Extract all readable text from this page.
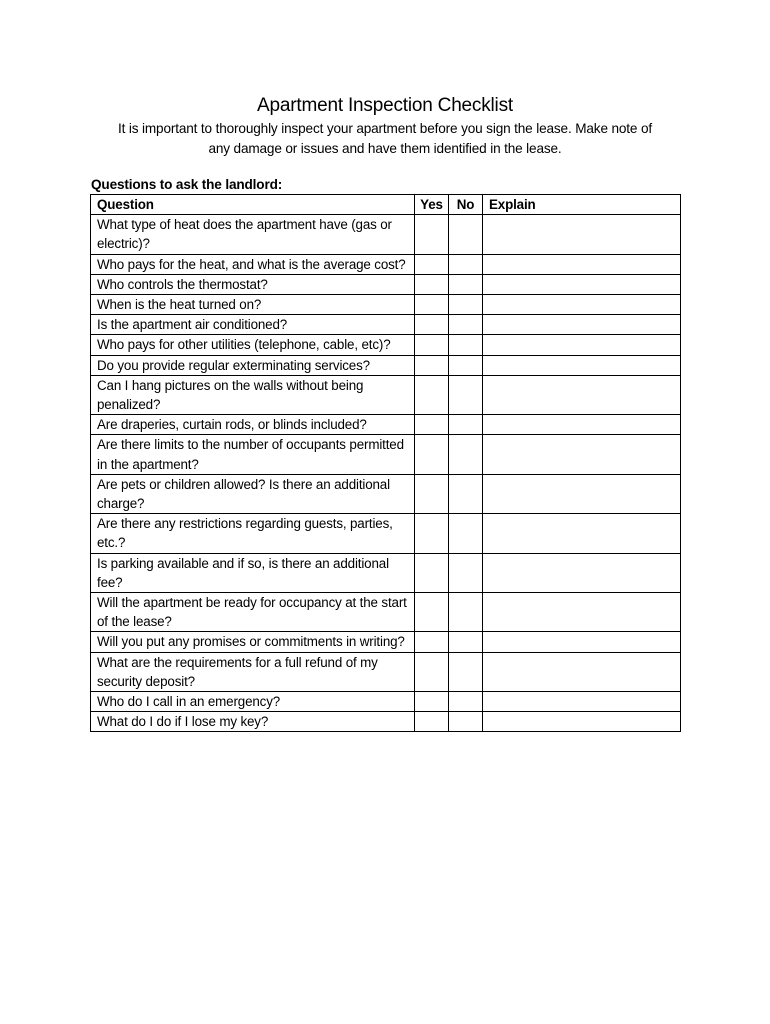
Apartment Inspection Checklist
It is important to thoroughly inspect your apartment before you sign the lease. Make note of
any damage or issues and have them identified in the lease.
Questions to ask the landlord:
Question	Yes	No	Explain
What type of heat does the apartment have (gas or electric)?			
Who pays for the heat, and what is the average cost?			
Who controls the thermostat?			
When is the heat turned on?			
Is the apartment air conditioned?			
Who pays for other utilities (telephone, cable, etc)?			
Do you provide regular exterminating services?			
Can I hang pictures on the walls without being penalized?			
Are draperies, curtain rods, or blinds included?			
Are there limits to the number of occupants permitted in the apartment?			
Are pets or children allowed? Is there an additional charge?			
Are there any restrictions regarding guests, parties, etc.?			
Is parking available and if so, is there an additional fee?			
Will the apartment be ready for occupancy at the start of the lease?			
Will you put any promises or commitments in writing?			
What are the requirements for a full refund of my security deposit?			
Who do I call in an emergency?			
What do I do if I lose my key?			
